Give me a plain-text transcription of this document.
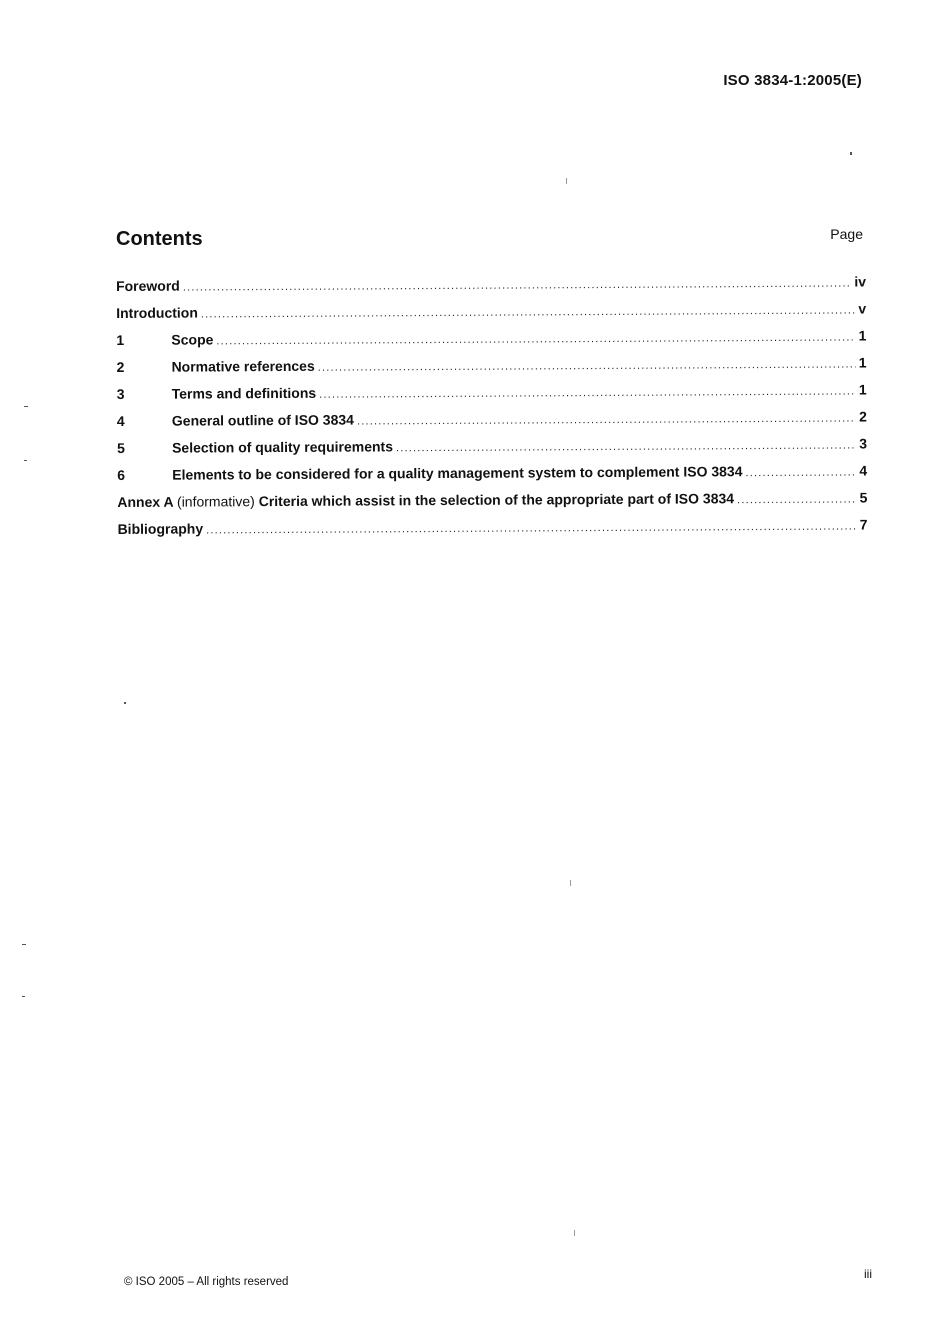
ISO 3834-1:2005(E)
Contents	Page
Foreword .....	iv
Introduction .....	v
1	Scope .....	1
2	Normative references .....	1
3	Terms and definitions .....	1
4	General outline of ISO 3834 .....	2
5	Selection of quality requirements .....	3
6	Elements to be considered for a quality management system to complement ISO 3834 .....	4
Annex A (informative) Criteria which assist in the selection of the appropriate part of ISO 3834 .....	5
Bibliography .....	7
© ISO 2005 – All rights reserved
iii
